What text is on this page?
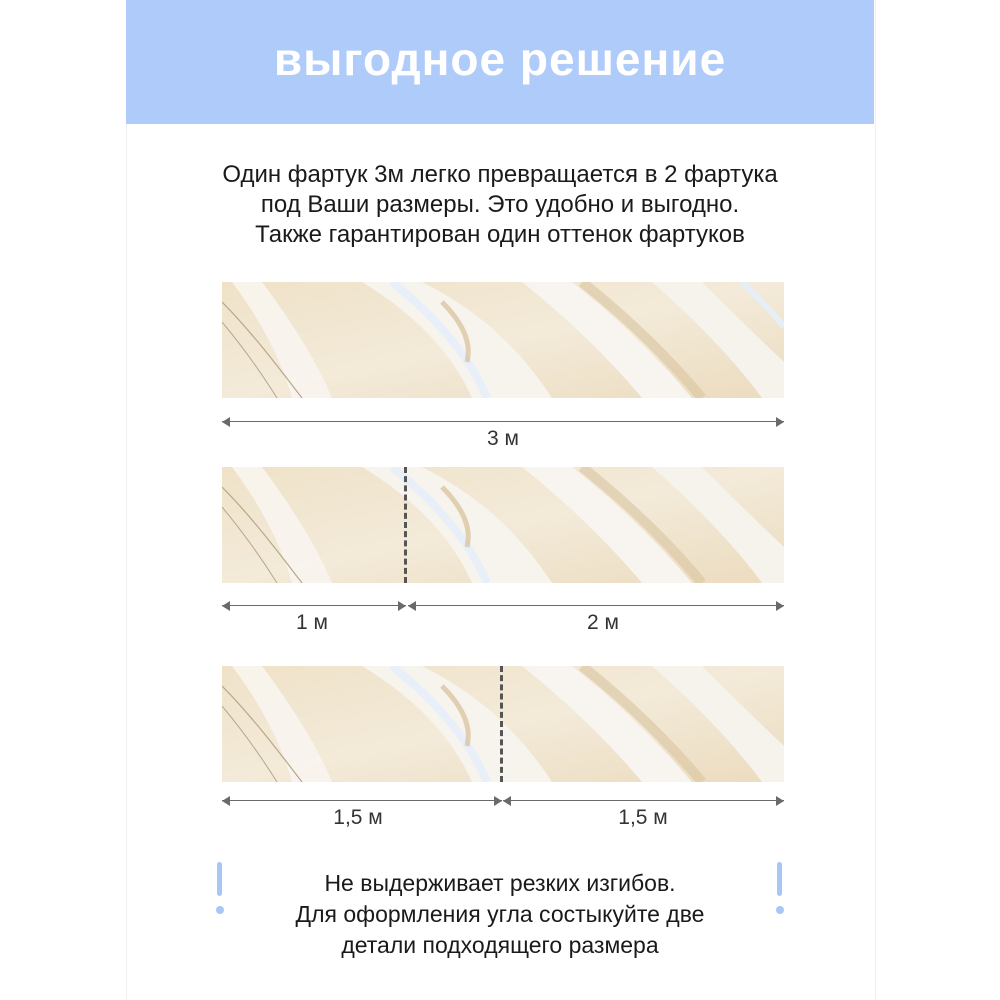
выгодное решение
Один фартук 3м легко превращается в 2 фартука
под Ваши размеры. Это удобно и выгодно.
Также гарантирован один оттенок фартуков
3 м
1 м	2 м
1,5 м	1,5 м
Не выдерживает резких изгибов.
Для оформления угла состыкуйте две
детали подходящего размера
